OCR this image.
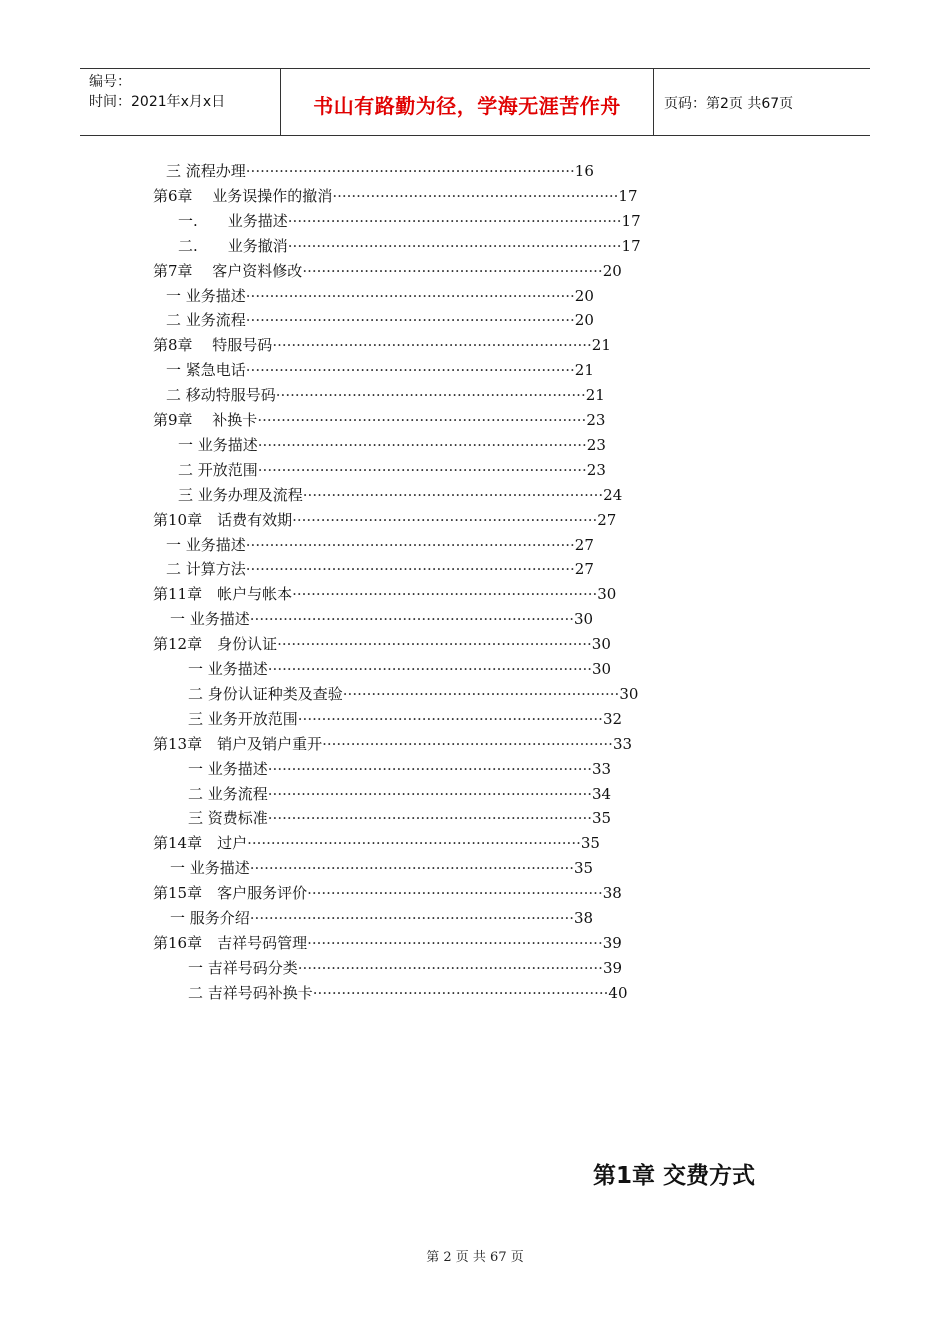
编号：
时间：2021年x月x日	书山有路勤为径，学海无涯苦作舟	页码：第2页 共67页
三 流程办理·····································································16
第6章　 业务误操作的撤消····························································17
一.　　业务描述······································································17
二.　　业务撤消······································································17
第7章　 客户资料修改·······························································20
一 业务描述·····································································20
二 业务流程·····································································20
第8章　 特服号码···································································21
一 紧急电话·····································································21
二 移动特服号码·································································21
第9章　 补换卡·····································································23
一 业务描述·····································································23
二 开放范围·····································································23
三 业务办理及流程·······························································24
第10章　话费有效期································································27
一 业务描述·····································································27
二 计算方法·····································································27
第11章　帐户与帐本································································30
一 业务描述····································································30
第12章　身份认证··································································30
一 业务描述····································································30
二 身份认证种类及查验··························································30
三 业务开放范围································································32
第13章　销户及销户重开·····························································33
一 业务描述····································································33
二 业务流程····································································34
三 资费标准····································································35
第14章　过户······································································35
一 业务描述····································································35
第15章　客户服务评价······························································38
一 服务介绍····································································38
第16章　吉祥号码管理······························································39
一 吉祥号码分类································································39
二 吉祥号码补换卡······························································40
第1章 交费方式
第 2 页 共 67 页
